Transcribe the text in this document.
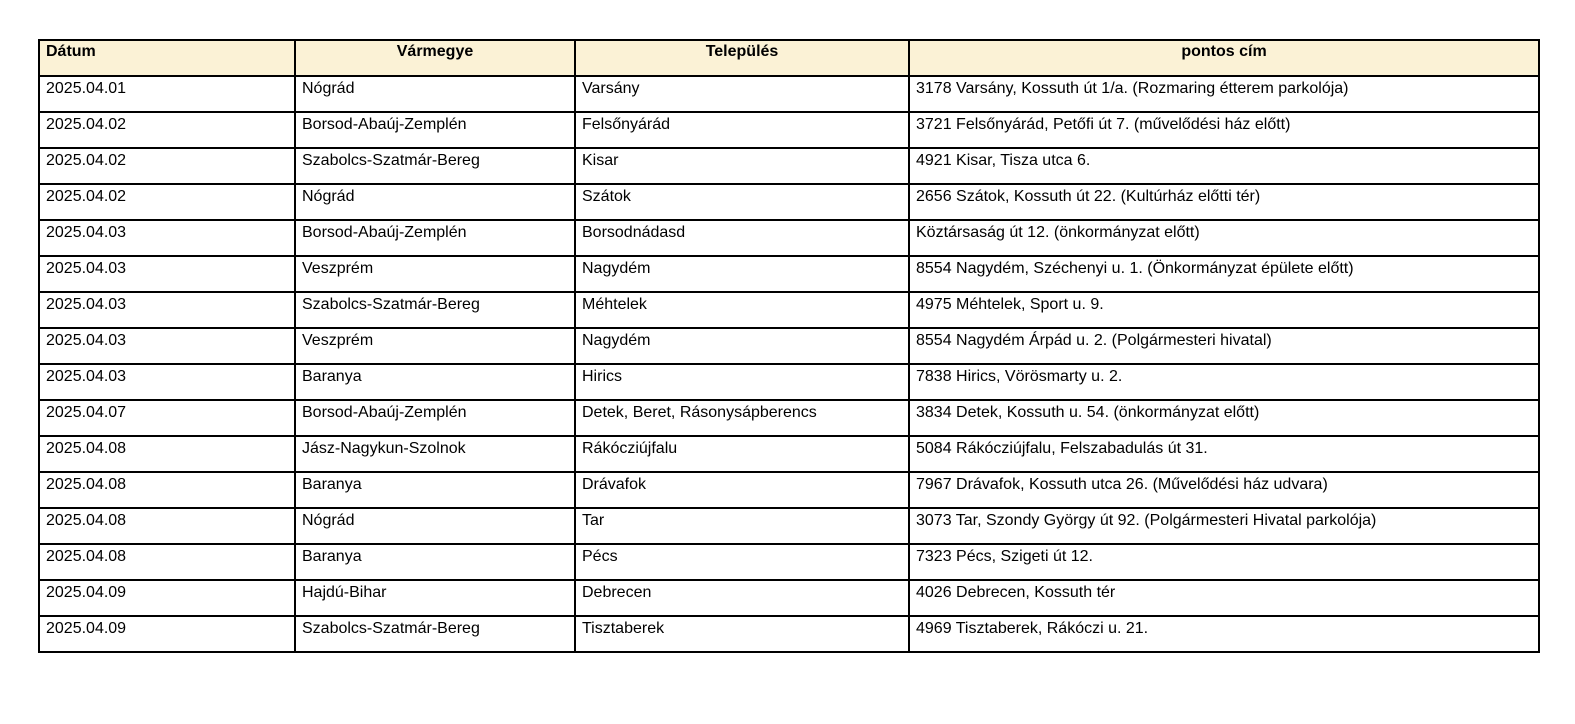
Dátum	Vármegye	Település	pontos cím
2025.04.01	Nógrád	Varsány	3178 Varsány, Kossuth út 1/a. (Rozmaring étterem parkolója)
2025.04.02	Borsod-Abaúj-Zemplén	Felsőnyárád	3721 Felsőnyárád, Petőfi út 7. (művelődési ház előtt)
2025.04.02	Szabolcs-Szatmár-Bereg	Kisar	4921 Kisar, Tisza utca 6.
2025.04.02	Nógrád	Szátok	2656 Szátok, Kossuth út 22. (Kultúrház előtti tér)
2025.04.03	Borsod-Abaúj-Zemplén	Borsodnádasd	Köztársaság út 12. (önkormányzat előtt)
2025.04.03	Veszprém	Nagydém	8554 Nagydém, Széchenyi u. 1. (Önkormányzat épülete előtt)
2025.04.03	Szabolcs-Szatmár-Bereg	Méhtelek	4975 Méhtelek, Sport u. 9.
2025.04.03	Veszprém	Nagydém	8554 Nagydém Árpád u. 2. (Polgármesteri hivatal)
2025.04.03	Baranya	Hirics	7838 Hirics, Vörösmarty u. 2.
2025.04.07	Borsod-Abaúj-Zemplén	Detek, Beret, Rásonysápberencs	3834 Detek, Kossuth u. 54. (önkormányzat előtt)
2025.04.08	Jász-Nagykun-Szolnok	Rákócziújfalu	5084 Rákócziújfalu, Felszabadulás út 31.
2025.04.08	Baranya	Drávafok	7967 Drávafok, Kossuth utca 26. (Művelődési ház udvara)
2025.04.08	Nógrád	Tar	3073 Tar, Szondy György út 92. (Polgármesteri Hivatal parkolója)
2025.04.08	Baranya	Pécs	7323 Pécs, Szigeti út 12.
2025.04.09	Hajdú-Bihar	Debrecen	4026 Debrecen, Kossuth tér
2025.04.09	Szabolcs-Szatmár-Bereg	Tisztaberek	4969 Tisztaberek, Rákóczi u. 21.
